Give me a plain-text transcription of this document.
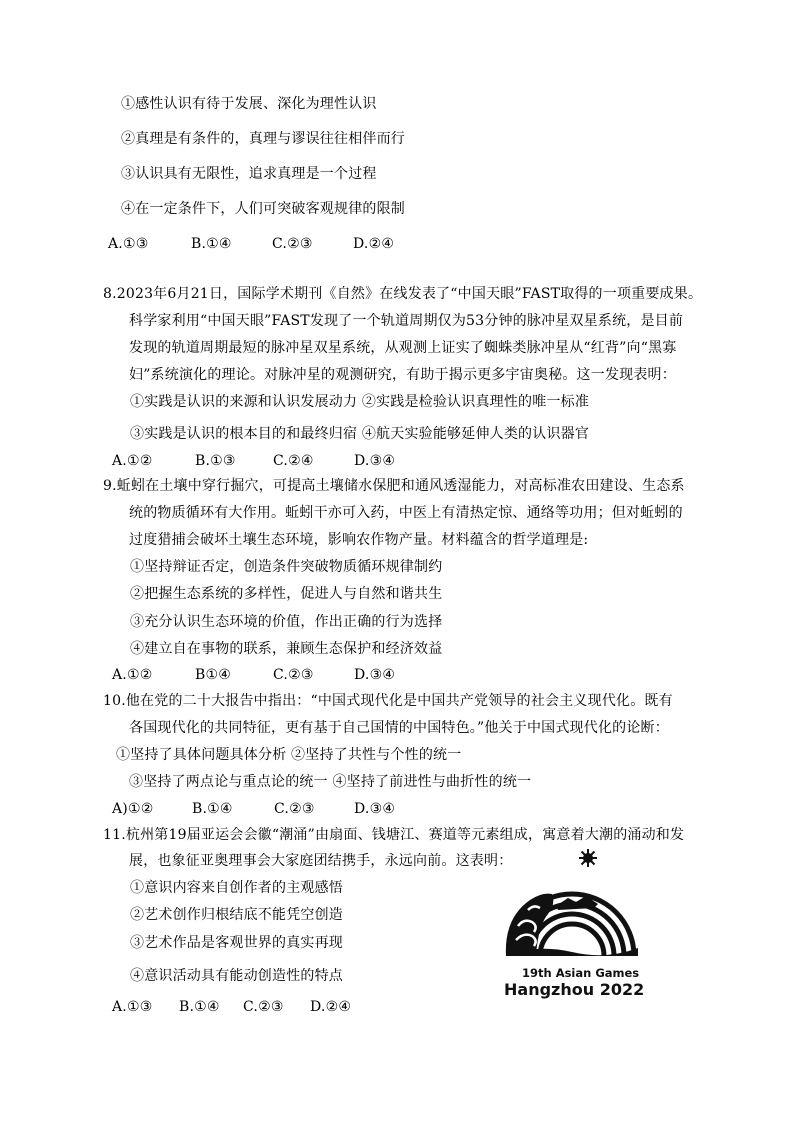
①感性认识有待于发展、深化为理性认识
②真理是有条件的，真理与谬误往往相伴而行
③认识具有无限性，追求真理是一个过程
④在一定条件下，人们可突破客观规律的限制
A.①③	B.①④	C.②③	D.②④
8.2023年6月21日，国际学术期刊《自然》在线发表了“中国天眼”FAST取得的一项重要成果。
科学家利用“中国天眼”FAST发现了一个轨道周期仅为53分钟的脉冲星双星系统，是目前
发现的轨道周期最短的脉冲星双星系统，从观测上证实了蜘蛛类脉冲星从“红背”向“黑寡
妇”系统演化的理论。对脉冲星的观测研究，有助于揭示更多宇宙奥秘。这一发现表明：
①实践是认识的来源和认识发展动力 ②实践是检验认识真理性的唯一标准
③实践是认识的根本目的和最终归宿 ④航天实验能够延伸人类的认识器官
A.①②	B.①③	C.②④	D.③④
9.蚯蚓在土壤中穿行掘穴，可提高土壤储水保肥和通风透湿能力，对高标准农田建设、生态系
统的物质循环有大作用。蚯蚓干亦可入药，中医上有清热定惊、通络等功用；但对蚯蚓的
过度猎捕会破坏土壤生态环境，影响农作物产量。材料蕴含的哲学道理是:
①坚持辩证否定，创造条件突破物质循环规律制约
②把握生态系统的多样性，促进人与自然和谐共生
③充分认识生态环境的价值，作出正确的行为选择
④建立自在事物的联系，兼顾生态保护和经济效益
A.①②	B①④	C.②③	D.③④
10.他在党的二十大报告中指出：“中国式现代化是中国共产党领导的社会主义现代化。既有
各国现代化的共同特征，更有基于自己国情的中国特色。”他关于中国式现代化的论断：
①坚持了具体问题具体分析 ②坚持了共性与个性的统一
③坚持了两点论与重点论的统一 ④坚持了前进性与曲折性的统一
A)①②	B.①④	C.②③	D.③④
11.杭州第19届亚运会会徽“潮涌”由扇面、钱塘江、赛道等元素组成，寓意着大潮的涌动和发
展，也象征亚奥理事会大家庭团结携手，永远向前。这表明：
①意识内容来自创作者的主观感悟
②艺术创作归根结底不能凭空创造
③艺术作品是客观世界的真实再现
④意识活动具有能动创造性的特点
A.①③ B.①④ C.②③ D.②④
19th Asian Games
Hangzhou 2022
